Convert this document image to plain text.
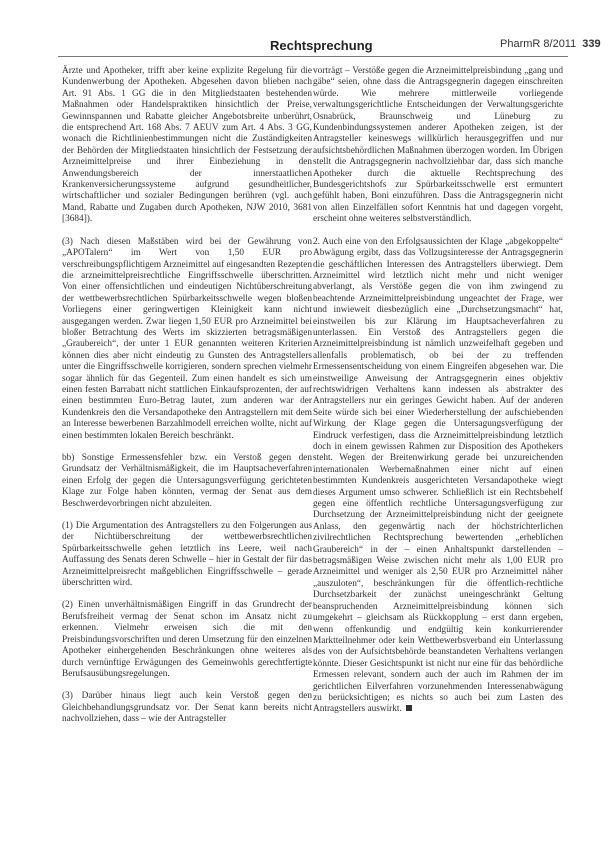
Rechtsprechung	PharmR 8/2011 339

Ärzte und Apotheker, trifft aber keine explizite Regelung für die Kundenwerbung der Apotheken. Abgesehen davon blieben nach Art. 91 Abs. 1 GG die in den Mitgliedstaaten bestehenden Maßnahmen oder Handelspraktiken hinsichtlich der Preise, Gewinnspannen und Rabatte gleicher Angebotsbreite unberührt, die entsprechend Art. 168 Abs. 7 AEUV zum Art. 4 Abs. 3 GG, wonach die Richtlinienbestimmungen nicht die Zuständigkeiten der Behörden der Mitgliedstaaten hinsichtlich der Festsetzung der Arzneimittelpreise und ihrer Einbeziehung in den Anwendungsbereich der innerstaatlichen Krankenversicherungssysteme aufgrund gesundheitlicher, wirtschaftlicher und sozialer Bedingungen berühren (vgl. auch Mand, Rabatte und Zugaben durch Apotheken, NJW 2010, 3681 [3684]).

(3) Nach diesen Maßstäben wird bei der Gewährung von „APOTalern“ im Wert von 1,50 EUR pro verschreibungspflichtigem Arzneimittel auf eingesandten Rezepten die arzneimittelpreisrechtliche Eingriffsschwelle überschritten. Von einer offensichtlichen und eindeutigen Nichtüberschreitung der wettbewerbsrechtlichen Spürbarkeitsschwelle wegen bloßen Vorliegens einer geringwertigen Kleinigkeit kann nicht ausgegangen werden. Zwar liegen 1,50 EUR pro Arzneimittel bei bloßer Betrachtung des Werts im skizzierten betragsmäßigen „Graubereich“, der unter 1 EUR genannten weiteren Kriterien können dies aber nicht eindeutig zu Gunsten des Antragstellers unter die Eingriffsschwelle korrigieren, sondern sprechen vielmehr sogar ähnlich für das Gegenteil. Zum einen handelt es sich um einen festen Barrabatt nicht stattlichen Einkaufsprozenten, der auf einen bestimmten Euro-Betrag lautet, zum anderen war der Kundenkreis den die Versandapotheke den Antragstellern mit dem an Interesse bewerbenen Barzahlmodell erreichen wollte, nicht auf einen bestimmten lokalen Bereich beschränkt.

bb) Sonstige Ermessensfehler bzw. ein Verstoß gegen den Grundsatz der Verhältnismäßigkeit, die im Hauptsacheverfahren einen Erfolg der gegen die Untersagungsverfügung gerichteten Klage zur Folge haben könnten, vermag der Senat aus dem Beschwerdevorbringen nicht abzuleiten.

(1) Die Argumentation des Antragstellers zu den Folgerungen aus der Nichtüberschreitung der wettbewerbsrechtlichen Spürbarkeitsschwelle gehen letztlich ins Leere, weil nach Auffassung des Senats deren Schwelle – hier in Gestalt der für das Arzneimittelpreisrecht maßgeblichen Eingriffsschwelle – gerade überschritten wird.

(2) Einen unverhältnismäßigen Eingriff in das Grundrecht der Berufsfreiheit vermag der Senat schon im Ansatz nicht zu erkennen. Vielmehr erweisen sich die mit den Preisbindungsvorschriften und deren Umsetzung für den einzelnen Apotheker einhergehenden Beschränkungen ohne weiteres als durch vernünftige Erwägungen des Gemeinwohls gerechtfertigte Berufsausübungsregelungen.

(3) Darüber hinaus liegt auch kein Verstoß gegen den Gleichbehandlungsgrundsatz vor. Der Senat kann bereits nicht nachvollziehen, dass – wie der Antragsteller

vorträgt – Verstöße gegen die Arzneimittelpreisbindung „gang und gäbe“ seien, ohne dass die Antragsgegnerin dagegen einschreiten würde. Wie mehrere mittlerweile vorliegende verwaltungsgerichtliche Entscheidungen der Verwaltungsgerichte Osnabrück, Braunschweig und Lüneburg zu Kundenbindungssystemen anderer Apotheken zeigen, ist der Antragsteller keineswegs willkürlich herausgegriffen und nur aufsichtsbehördlichen Maßnahmen überzogen worden. Im Übrigen stellt die Antragsgegnerin nachvollziehbar dar, dass sich manche Apotheker durch die aktuelle Rechtsprechung des Bundesgerichtshofs zur Spürbarkeitsschwelle erst ermuntert gefühlt haben, Boni einzuführen. Dass die Antragsgegnerin nicht von allen Einzelfällen sofort Kenntnis hat und dagegen vorgeht, erscheint ohne weiteres selbstverständlich.

2. Auch eine von den Erfolgsaussichten der Klage „abgekoppelte“ Abwägung ergibt, dass das Vollzugsinteresse der Antragsgegnerin die geschäftlichen Interessen des Antragstellers überwiegt. Dem Arzneimittel wird letztlich nicht mehr und nicht weniger abverlangt, als Verstöße gegen die von ihm zwingend zu beachtende Arzneimittelpreisbindung ungeachtet der Frage, wer und inwieweit diesbezüglich eine „Durchsetzungsmacht“ hat, einstweilen bis zur Klärung im Hauptsacheverfahren zu unterlassen. Ein Verstoß des Antragstellers gegen die Arzneimittelpreisbindung ist nämlich unzweifelhaft gegeben und allenfalls problematisch, ob bei der zu treffenden Ermessensentscheidung von einem Eingreifen abgesehen war. Die einstweilige Anweisung der Antragsgegnerin eines objektiv rechtswidrigen Verhaltens kann indessen als abstrakter des Antragstellers nur ein geringes Gewicht haben. Auf der anderen Seite würde sich bei einer Wiederherstellung der aufschiebenden Wirkung der Klage gegen die Untersagungsverfügung der Eindruck verfestigen, dass die Arzneimittelpreisbindung letztlich doch in einem gewissen Rahmen zur Disposition des Apothekers steht. Wegen der Breitenwirkung gerade bei unzureichenden internationalen Werbemaßnahmen einer nicht auf einen bestimmten Kundenkreis ausgerichteten Versandapotheke wiegt dieses Argument umso schwerer. Schließlich ist ein Rechtsbehelf gegen eine öffentlich rechtliche Untersagungsverfügung zur Durchsetzung der Arzneimittelpreisbindung nicht der geeignete Anlass, den gegenwärtig nach der höchstrichterlichen zivilrechtlichen Rechtsprechung bewertenden „erheblichen Graubereich“ in der – einen Anhaltspunkt darstellenden – betragsmäßigen Weise zwischen nicht mehr als 1,00 EUR pro Arzneimittel und weniger als 2,50 EUR pro Arzneimittel näher „auszuloten“, beschränkungen für die öffentlich-rechtliche Durchsetzbarkeit der zunächst uneingeschränkt Geltung beanspruchenden Arzneimittelpreisbindung können sich umgekehrt – gleichsam als Rückkopplung – erst dann ergeben, wenn offenkundig und endgültig kein konkurrierender Marktteilnehmer oder kein Wettbewerbsverband ein Unterlassung des von der Aufsichtsbehörde beanstandeten Verhaltens verlangen könnte. Dieser Gesichtspunkt ist nicht nur eine für das behördliche Ermessen relevant, sondern auch der auch im Rahmen der im gerichtlichen Eilverfahren vorzunehmenden Interessenabwägung zu berücksichtigen; es nichts so auch bei zum Lasten des Antragstellers auswirkt.
